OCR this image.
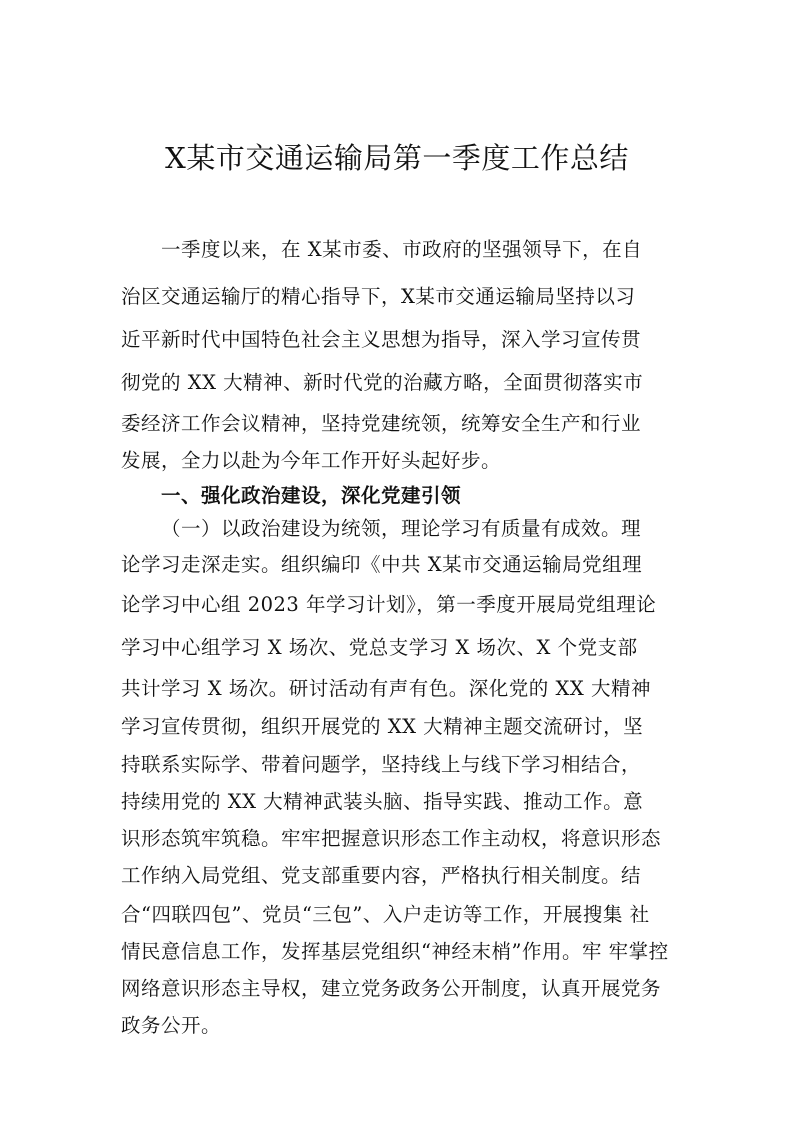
X某市交通运输局第一季度工作总结
一季度以来，在 X某市委、市政府的坚强领导下，在自
治区交通运输厅的精心指导下，X某市交通运输局坚持以习
近平新时代中国特色社会主义思想为指导，深入学习宣传贯
彻党的 XX 大精神、新时代党的治藏方略，全面贯彻落实市
委经济工作会议精神，坚持党建统领，统筹安全生产和行业
发展，全力以赴为今年工作开好头起好步。
一、强化政治建设，深化党建引领
（一）以政治建设为统领，理论学习有质量有成效。理
论学习走深走实。组织编印《中共 X某市交通运输局党组理
论学习中心组 2023 年学习计划》，第一季度开展局党组理论
学习中心组学习 X 场次、党总支学习 X 场次、X 个党支部
共计学习 X 场次。研讨活动有声有色。深化党的 XX 大精神
学习宣传贯彻，组织开展党的 XX 大精神主题交流研讨，坚
持联系实际学、带着问题学，坚持线上与线下学习相结合，
持续用党的 XX 大精神武装头脑、指导实践、推动工作。意
识形态筑牢筑稳。牢牢把握意识形态工作主动权，将意识形态
工作纳入局党组、党支部重要内容，严格执行相关制度。结
合“四联四包”、党员“三包”、入户走访等工作，开展搜集 社
情民意信息工作，发挥基层党组织“神经末梢”作用。牢 牢掌控
网络意识形态主导权，建立党务政务公开制度，认真开展党务
政务公开。
